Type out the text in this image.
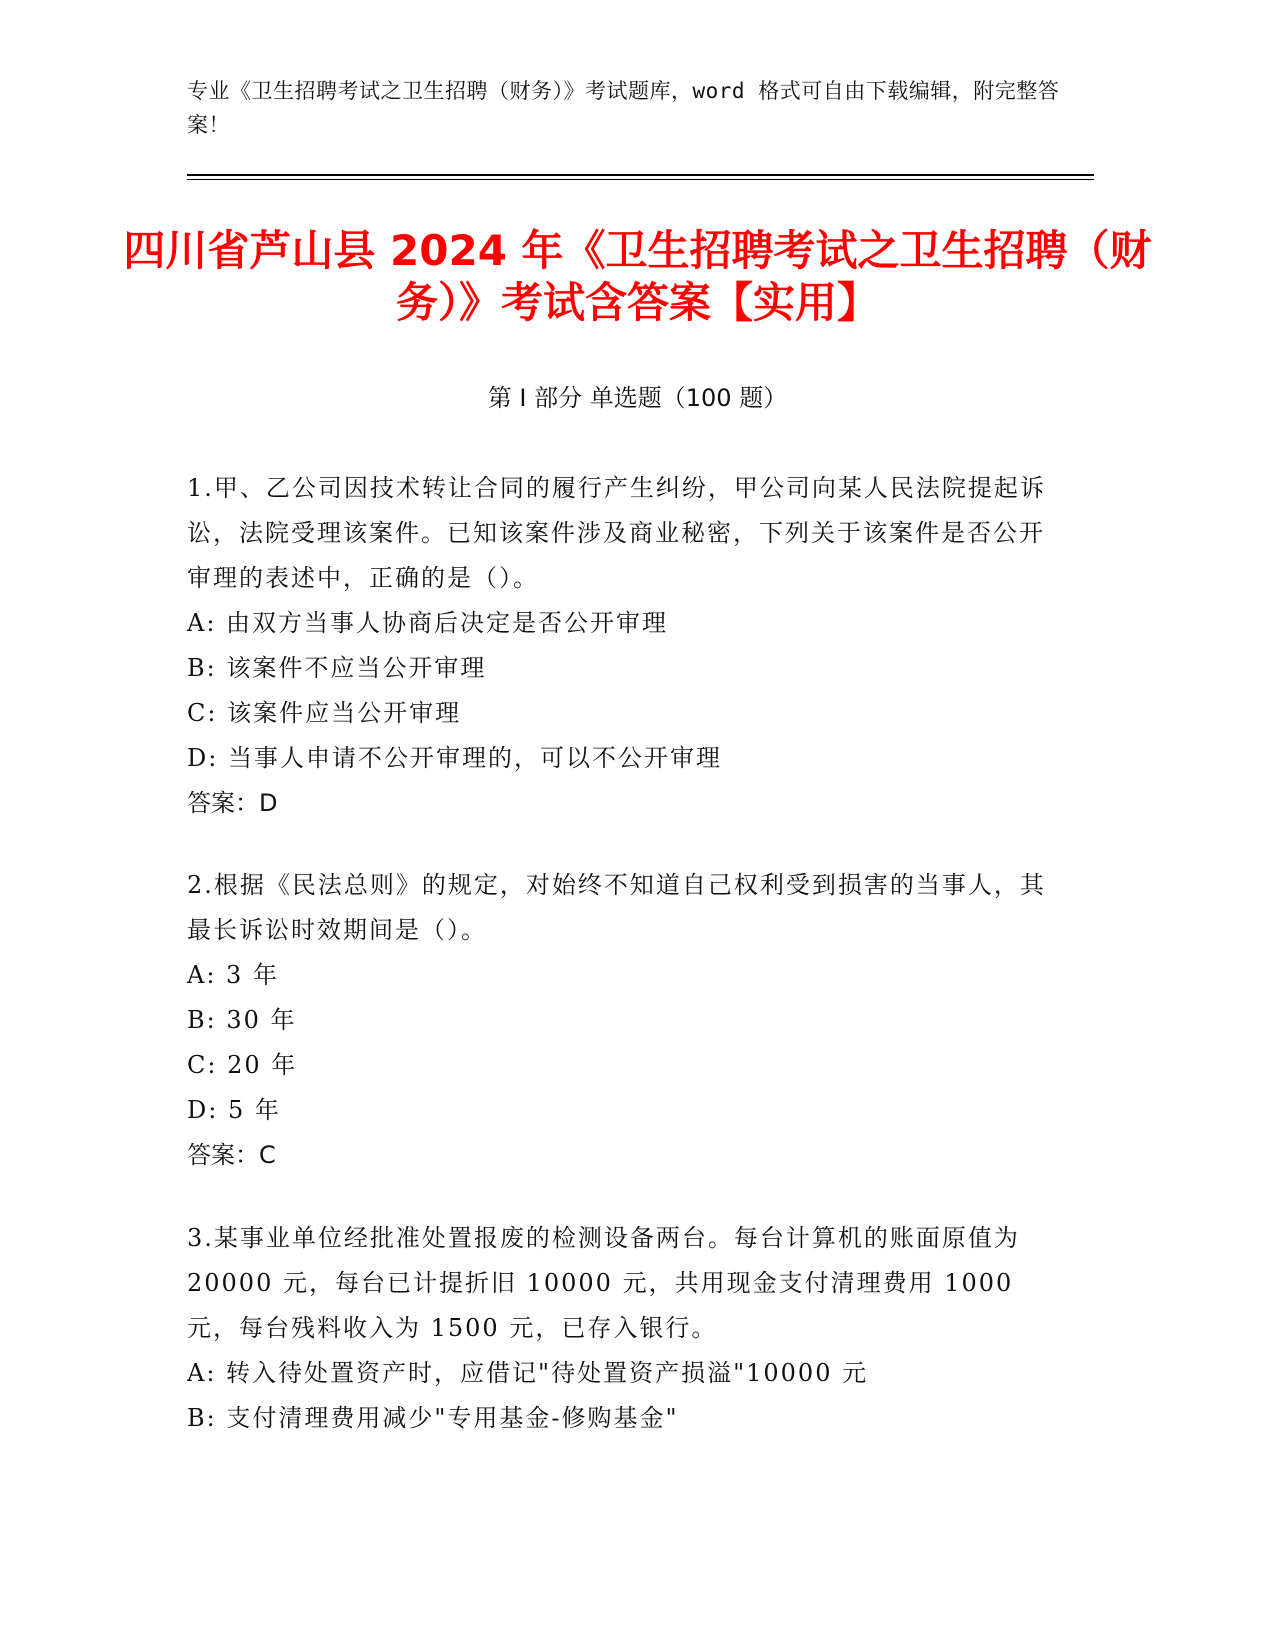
专业《卫生招聘考试之卫生招聘（财务）》考试题库，word 格式可自由下载编辑，附完整答案！
四川省芦山县 2024 年《卫生招聘考试之卫生招聘（财务）》考试含答案【实用】
第 I 部分 单选题（100 题）

1.甲、乙公司因技术转让合同的履行产生纠纷，甲公司向某人民法院提起诉讼，法院受理该案件。已知该案件涉及商业秘密，下列关于该案件是否公开审理的表述中，正确的是（）。

A: 由双方当事人协商后决定是否公开审理

B: 该案件不应当公开审理

C: 该案件应当公开审理

D: 当事人申请不公开审理的，可以不公开审理

答案：D

2.根据《民法总则》的规定，对始终不知道自己权利受到损害的当事人，其最长诉讼时效期间是（）。

A: 3 年

B: 30 年

C: 20 年

D: 5 年

答案：C

3.某事业单位经批准处置报废的检测设备两台。每台计算机的账面原值为 20000 元，每台已计提折旧 10000 元，共用现金支付清理费用 1000 元，每台残料收入为 1500 元，已存入银行。

A: 转入待处置资产时，应借记"待处置资产损溢"10000 元

B: 支付清理费用减少"专用基金-修购基金"
